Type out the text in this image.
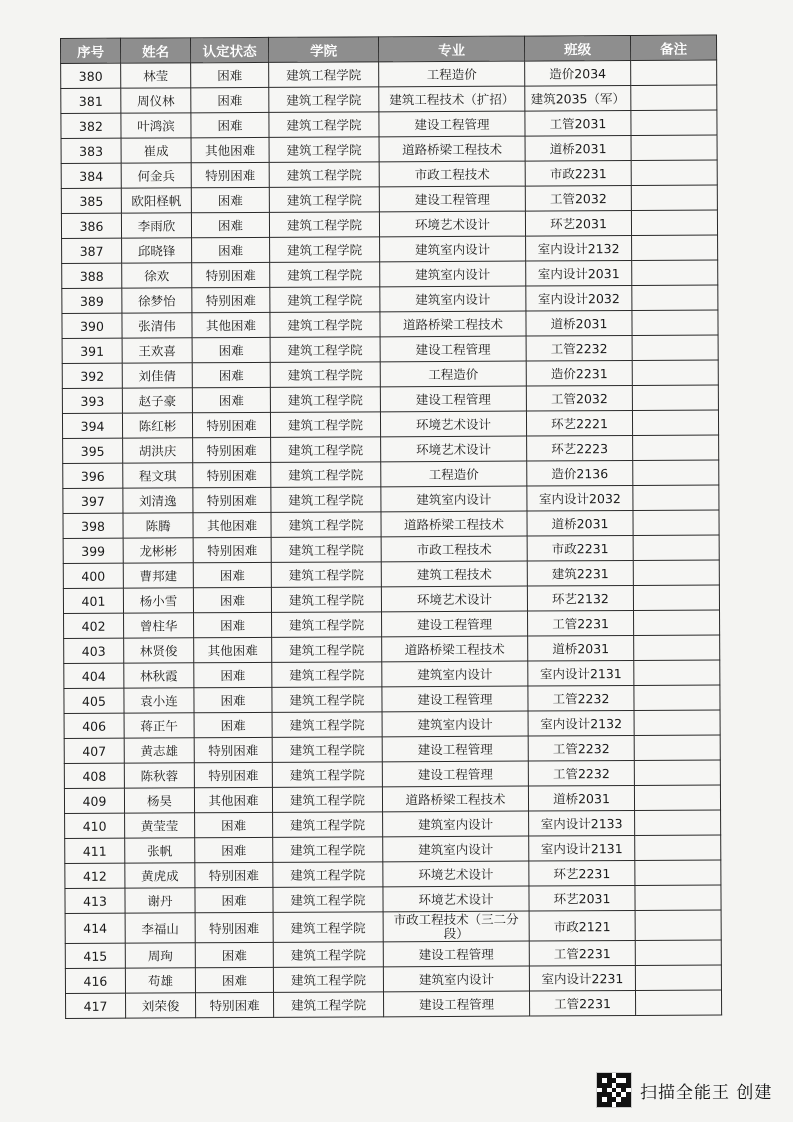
序号	姓名	认定状态	学院	专业	班级	备注
380	林莹	困难	建筑工程学院	工程造价	造价2034	
381	周仪林	困难	建筑工程学院	建筑工程技术（扩招）	建筑2035（军）	
382	叶鸿滨	困难	建筑工程学院	建设工程管理	工管2031	
383	崔成	其他困难	建筑工程学院	道路桥梁工程技术	道桥2031	
384	何金兵	特别困难	建筑工程学院	市政工程技术	市政2231	
385	欧阳柽帆	困难	建筑工程学院	建设工程管理	工管2032	
386	李雨欣	困难	建筑工程学院	环境艺术设计	环艺2031	
387	邱晓锋	困难	建筑工程学院	建筑室内设计	室内设计2132	
388	徐欢	特别困难	建筑工程学院	建筑室内设计	室内设计2031	
389	徐梦怡	特别困难	建筑工程学院	建筑室内设计	室内设计2032	
390	张清伟	其他困难	建筑工程学院	道路桥梁工程技术	道桥2031	
391	王欢喜	困难	建筑工程学院	建设工程管理	工管2232	
392	刘佳倩	困难	建筑工程学院	工程造价	造价2231	
393	赵子豪	困难	建筑工程学院	建设工程管理	工管2032	
394	陈红彬	特别困难	建筑工程学院	环境艺术设计	环艺2221	
395	胡洪庆	特别困难	建筑工程学院	环境艺术设计	环艺2223	
396	程文琪	特别困难	建筑工程学院	工程造价	造价2136	
397	刘清逸	特别困难	建筑工程学院	建筑室内设计	室内设计2032	
398	陈腾	其他困难	建筑工程学院	道路桥梁工程技术	道桥2031	
399	龙彬彬	特别困难	建筑工程学院	市政工程技术	市政2231	
400	曹邦建	困难	建筑工程学院	建筑工程技术	建筑2231	
401	杨小雪	困难	建筑工程学院	环境艺术设计	环艺2132	
402	曾柱华	困难	建筑工程学院	建设工程管理	工管2231	
403	林贤俊	其他困难	建筑工程学院	道路桥梁工程技术	道桥2031	
404	林秋霞	困难	建筑工程学院	建筑室内设计	室内设计2131	
405	袁小连	困难	建筑工程学院	建设工程管理	工管2232	
406	蒋正午	困难	建筑工程学院	建筑室内设计	室内设计2132	
407	黄志雄	特别困难	建筑工程学院	建设工程管理	工管2232	
408	陈秋蓉	特别困难	建筑工程学院	建设工程管理	工管2232	
409	杨昊	其他困难	建筑工程学院	道路桥梁工程技术	道桥2031	
410	黄莹莹	困难	建筑工程学院	建筑室内设计	室内设计2133	
411	张帆	困难	建筑工程学院	建筑室内设计	室内设计2131	
412	黄虎成	特别困难	建筑工程学院	环境艺术设计	环艺2231	
413	谢丹	困难	建筑工程学院	环境艺术设计	环艺2031	
414	李福山	特别困难	建筑工程学院	市政工程技术（三二分段）	市政2121	
415	周珣	困难	建筑工程学院	建设工程管理	工管2231	
416	苟雄	困难	建筑工程学院	建筑室内设计	室内设计2231	
417	刘荣俊	特别困难	建筑工程学院	建设工程管理	工管2231	
扫描全能王 创建
